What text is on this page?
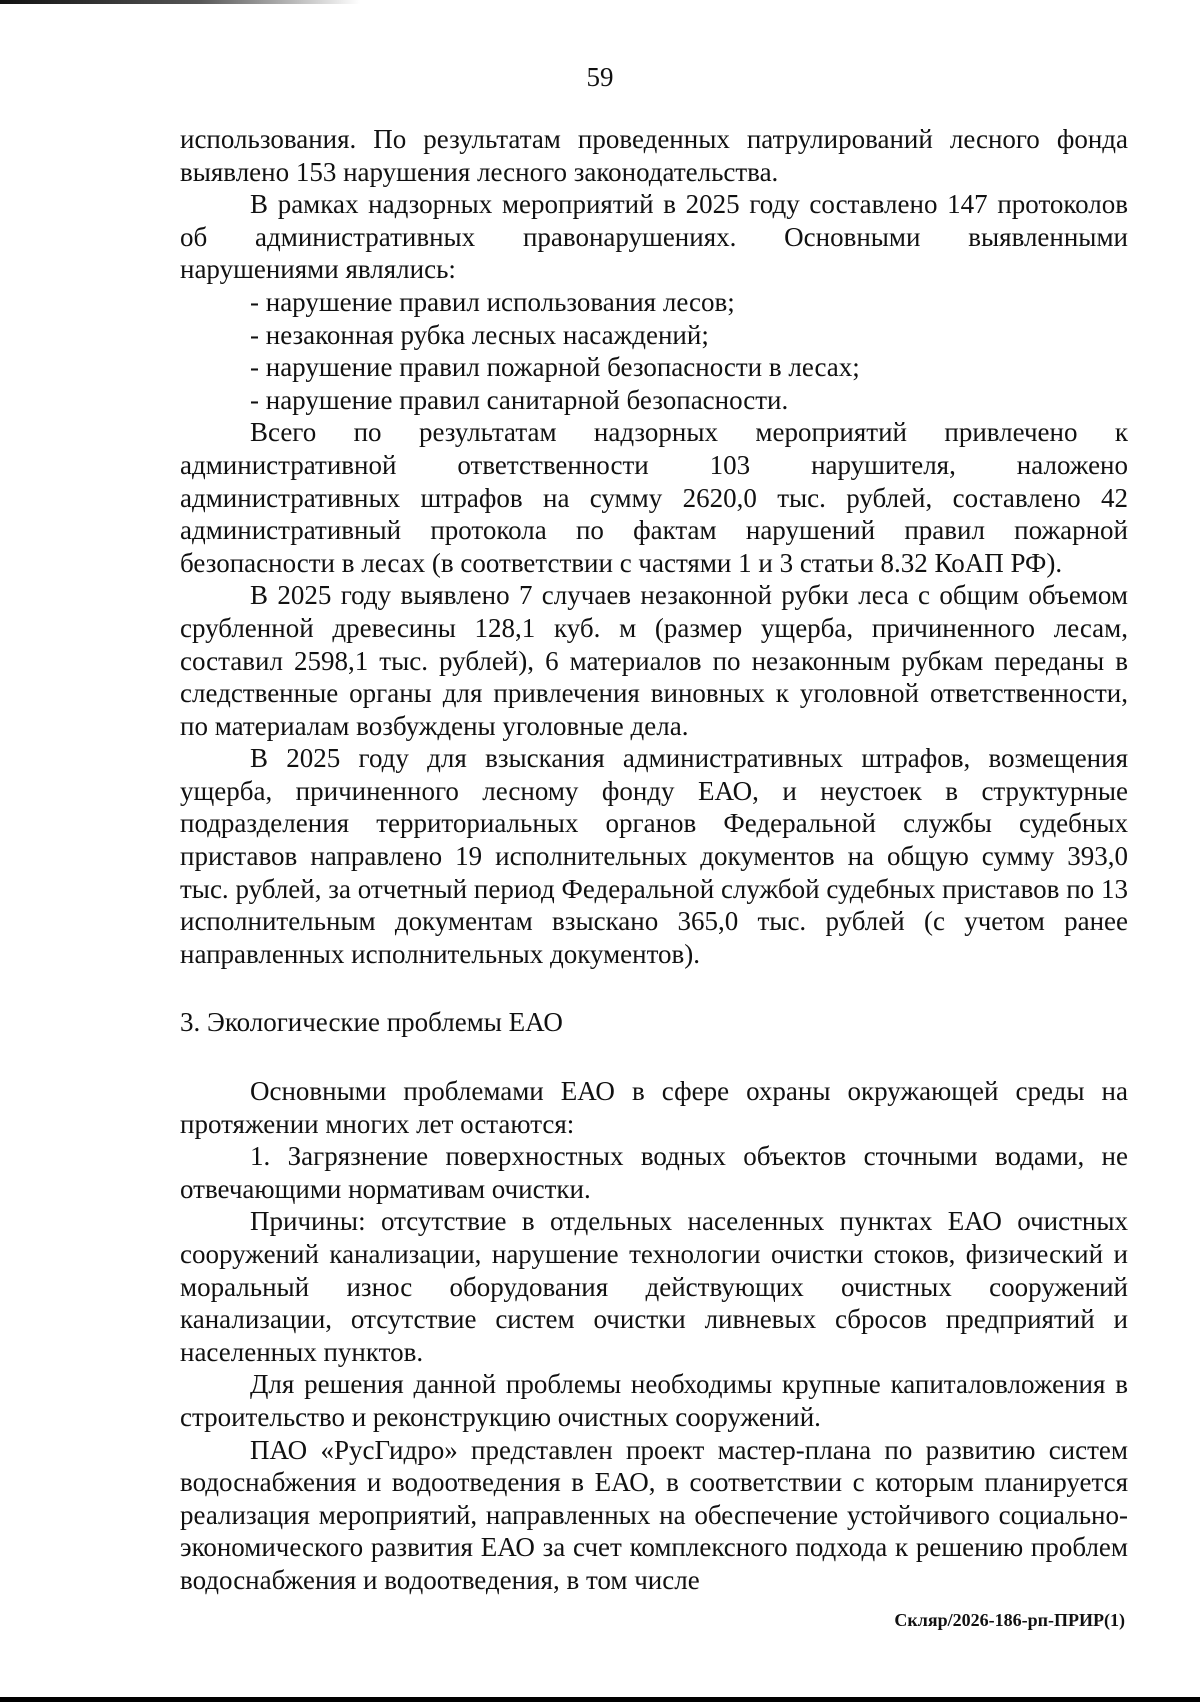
59

использования. По результатам проведенных патрулирований лесного фонда выявлено 153 нарушения лесного законодательства.

В рамках надзорных мероприятий в 2025 году составлено 147 протоколов об административных правонарушениях. Основными выявленными нарушениями являлись:

- нарушение правил использования лесов;

- незаконная рубка лесных насаждений;

- нарушение правил пожарной безопасности в лесах;

- нарушение правил санитарной безопасности.

Всего по результатам надзорных мероприятий привлечено к административной ответственности 103 нарушителя, наложено административных штрафов на сумму 2620,0 тыс. рублей, составлено 42 административный протокола по фактам нарушений правил пожарной безопасности в лесах (в соответствии с частями 1 и 3 статьи 8.32 КоАП РФ).

В 2025 году выявлено 7 случаев незаконной рубки леса с общим объемом срубленной древесины 128,1 куб. м (размер ущерба, причиненного лесам, составил 2598,1 тыс. рублей), 6 материалов по незаконным рубкам переданы в следственные органы для привлечения виновных к уголовной ответственности, по материалам возбуждены уголовные дела.

В 2025 году для взыскания административных штрафов, возмещения ущерба, причиненного лесному фонду ЕАО, и неустоек в структурные подразделения территориальных органов Федеральной службы судебных приставов направлено 19 исполнительных документов на общую сумму 393,0 тыс. рублей, за отчетный период Федеральной службой судебных приставов по 13 исполнительным документам взыскано 365,0 тыс. рублей (с учетом ранее направленных исполнительных документов).

3. Экологические проблемы ЕАО

Основными проблемами ЕАО в сфере охраны окружающей среды на протяжении многих лет остаются:

1. Загрязнение поверхностных водных объектов сточными водами, не отвечающими нормативам очистки.

Причины: отсутствие в отдельных населенных пунктах ЕАО очистных сооружений канализации, нарушение технологии очистки стоков, физический и моральный износ оборудования действующих очистных сооружений канализации, отсутствие систем очистки ливневых сбросов предприятий и населенных пунктов.

Для решения данной проблемы необходимы крупные капиталовложения в строительство и реконструкцию очистных сооружений.

ПАО «РусГидро» представлен проект мастер-плана по развитию систем водоснабжения и водоотведения в ЕАО, в соответствии с которым планируется реализация мероприятий, направленных на обеспечение устойчивого социально-экономического развития ЕАО за счет комплексного подхода к решению проблем водоснабжения и водоотведения, в том числе

Скляр/2026-186-рп-ПРИР(1)
